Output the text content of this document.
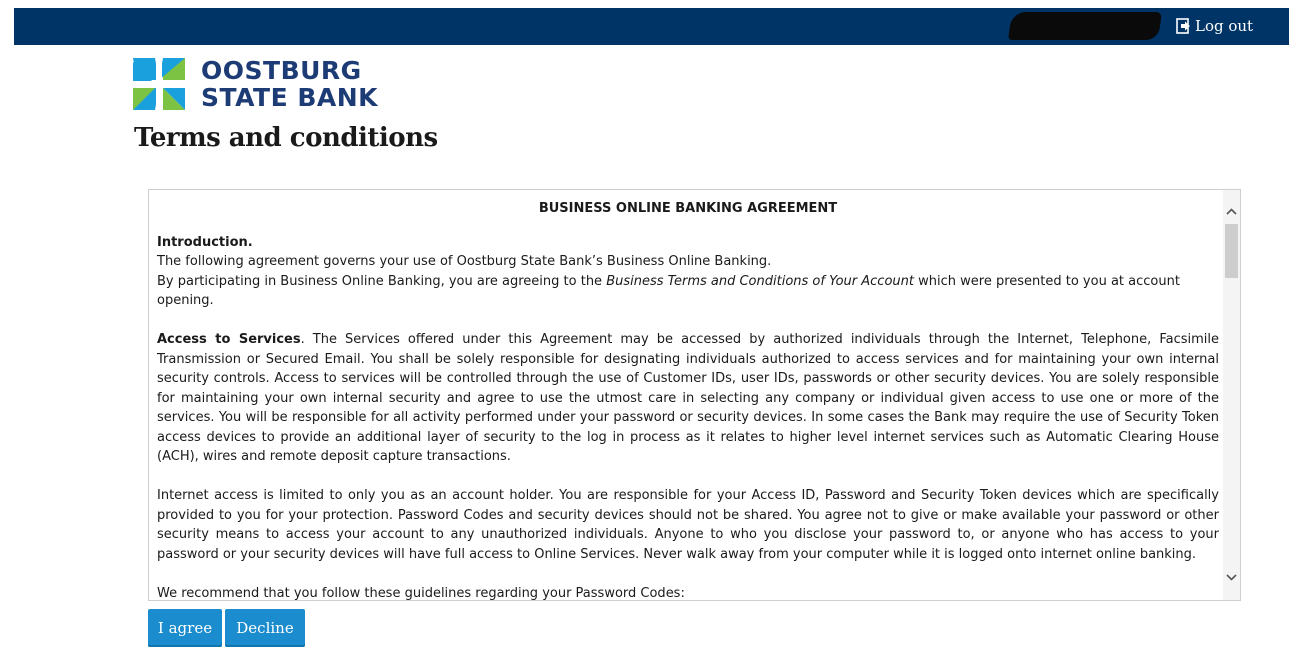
Log out
OOSTBURG
STATE BANK
Terms and conditions

BUSINESS ONLINE BANKING AGREEMENT

Introduction.

The following agreement governs your use of Oostburg State Bank’s Business Online Banking.

By participating in Business Online Banking, you are agreeing to the Business Terms and Conditions of Your Account which were presented to you at account opening.

Access to Services. The Services offered under this Agreement may be accessed by authorized individuals through the Internet, Telephone, Facsimile Transmission or Secured Email. You shall be solely responsible for designating individuals authorized to access services and for maintaining your own internal security controls. Access to services will be controlled through the use of Customer IDs, user IDs, passwords or other security devices. You are solely responsible for maintaining your own internal security and agree to use the utmost care in selecting any company or individual given access to use one or more of the services. You will be responsible for all activity performed under your password or security devices. In some cases the Bank may require the use of Security Token access devices to provide an additional layer of security to the log in process as it relates to higher level internet services such as Automatic Clearing House (ACH), wires and remote deposit capture transactions.

Internet access is limited to only you as an account holder. You are responsible for your Access ID, Password and Security Token devices which are specifically provided to you for your protection. Password Codes and security devices should not be shared. You agree not to give or make available your password or other security means to access your account to any unauthorized individuals. Anyone to who you disclose your password to, or anyone who has access to your password or your security devices will have full access to Online Services. Never walk away from your computer while it is logged onto internet online banking.

We recommend that you follow these guidelines regarding your Password Codes:

I agree	Decline
